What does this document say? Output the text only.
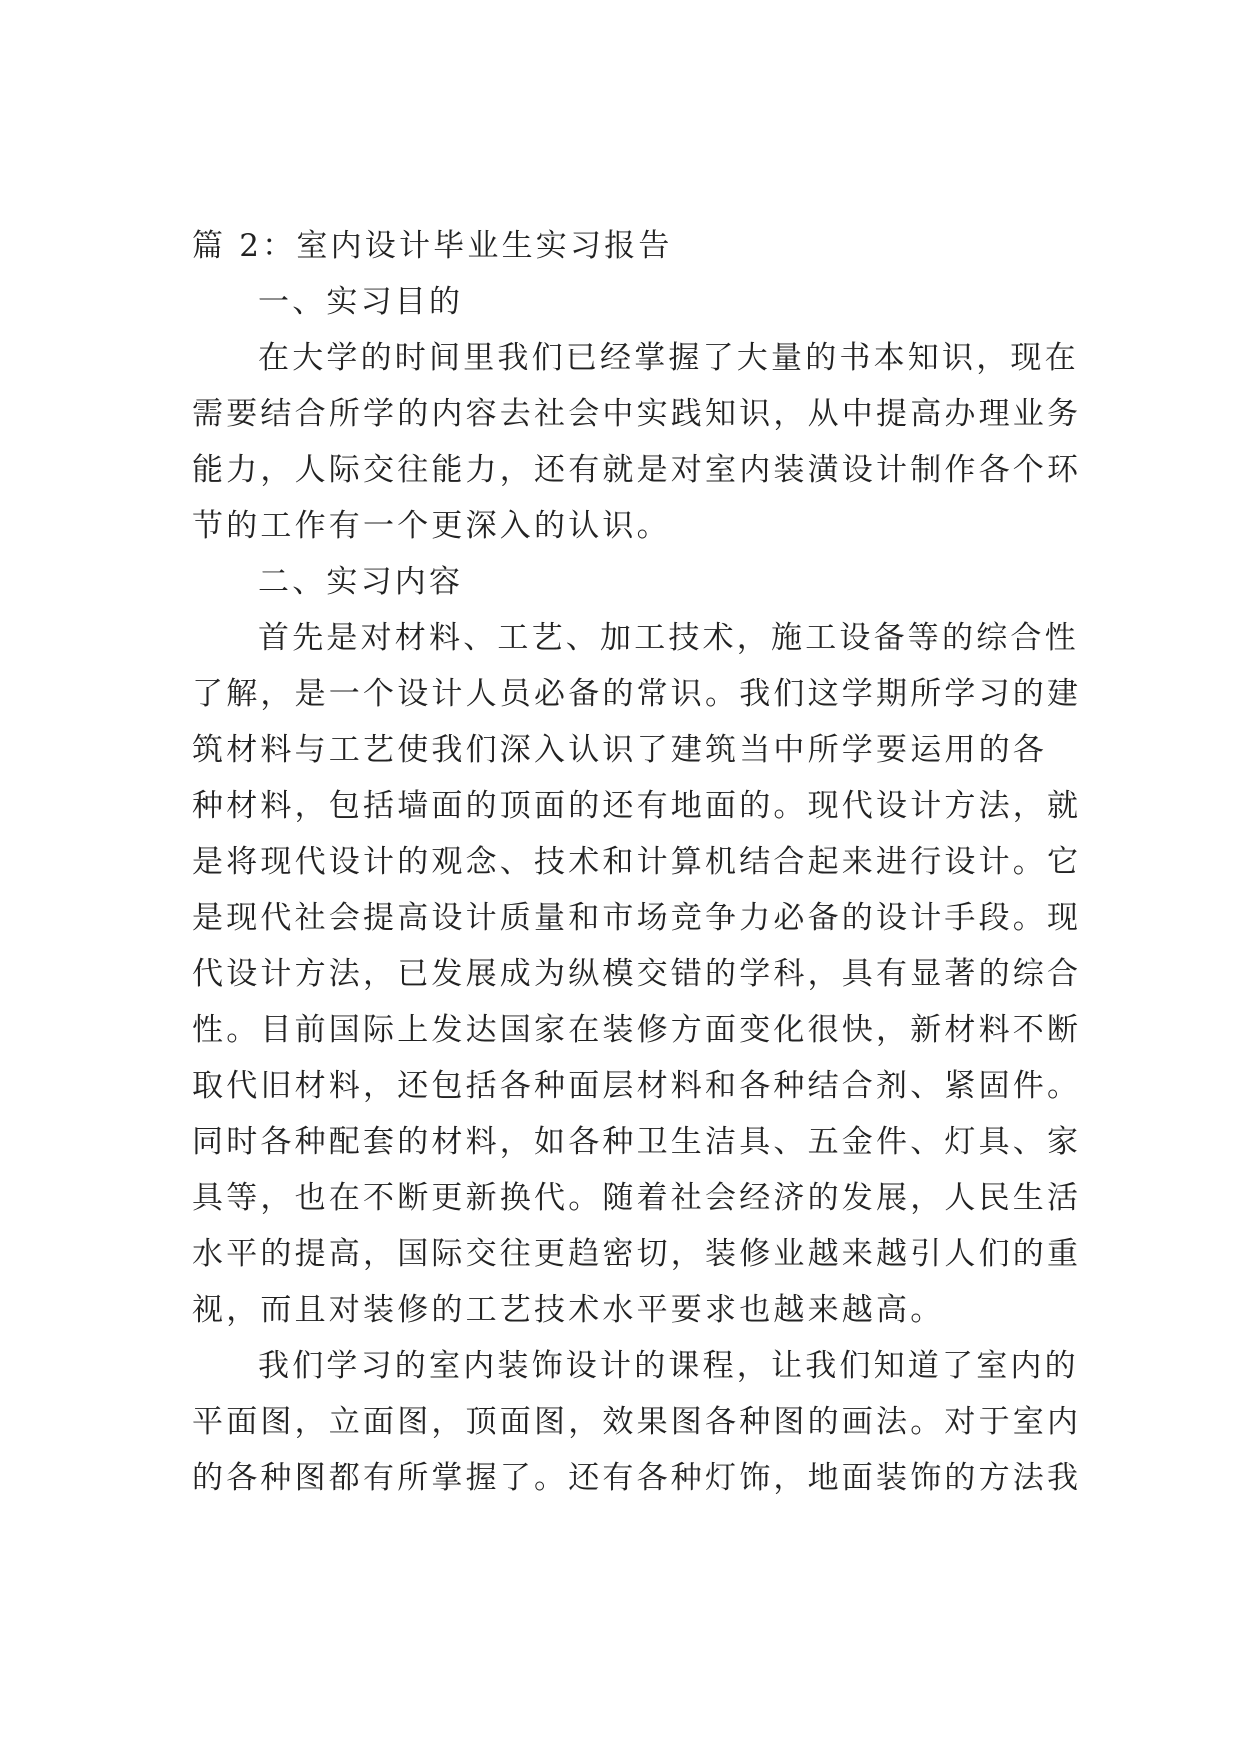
篇 2：室内设计毕业生实习报告
一、实习目的
在大学的时间里我们已经掌握了大量的书本知识，现在
需要结合所学的内容去社会中实践知识，从中提高办理业务
能力，人际交往能力，还有就是对室内装潢设计制作各个环
节的工作有一个更深入的认识。
二、实习内容
首先是对材料、工艺、加工技术，施工设备等的综合性
了解，是一个设计人员必备的常识。我们这学期所学习的建
筑材料与工艺使我们深入认识了建筑当中所学要运用的各
种材料，包括墙面的顶面的还有地面的。现代设计方法，就
是将现代设计的观念、技术和计算机结合起来进行设计。它
是现代社会提高设计质量和市场竞争力必备的设计手段。现
代设计方法，已发展成为纵模交错的学科，具有显著的综合
性。目前国际上发达国家在装修方面变化很快，新材料不断
取代旧材料，还包括各种面层材料和各种结合剂、紧固件。
同时各种配套的材料，如各种卫生洁具、五金件、灯具、家
具等，也在不断更新换代。随着社会经济的发展，人民生活
水平的提高，国际交往更趋密切，装修业越来越引人们的重
视，而且对装修的工艺技术水平要求也越来越高。
我们学习的室内装饰设计的课程，让我们知道了室内的
平面图，立面图，顶面图，效果图各种图的画法。对于室内
的各种图都有所掌握了。还有各种灯饰，地面装饰的方法我
